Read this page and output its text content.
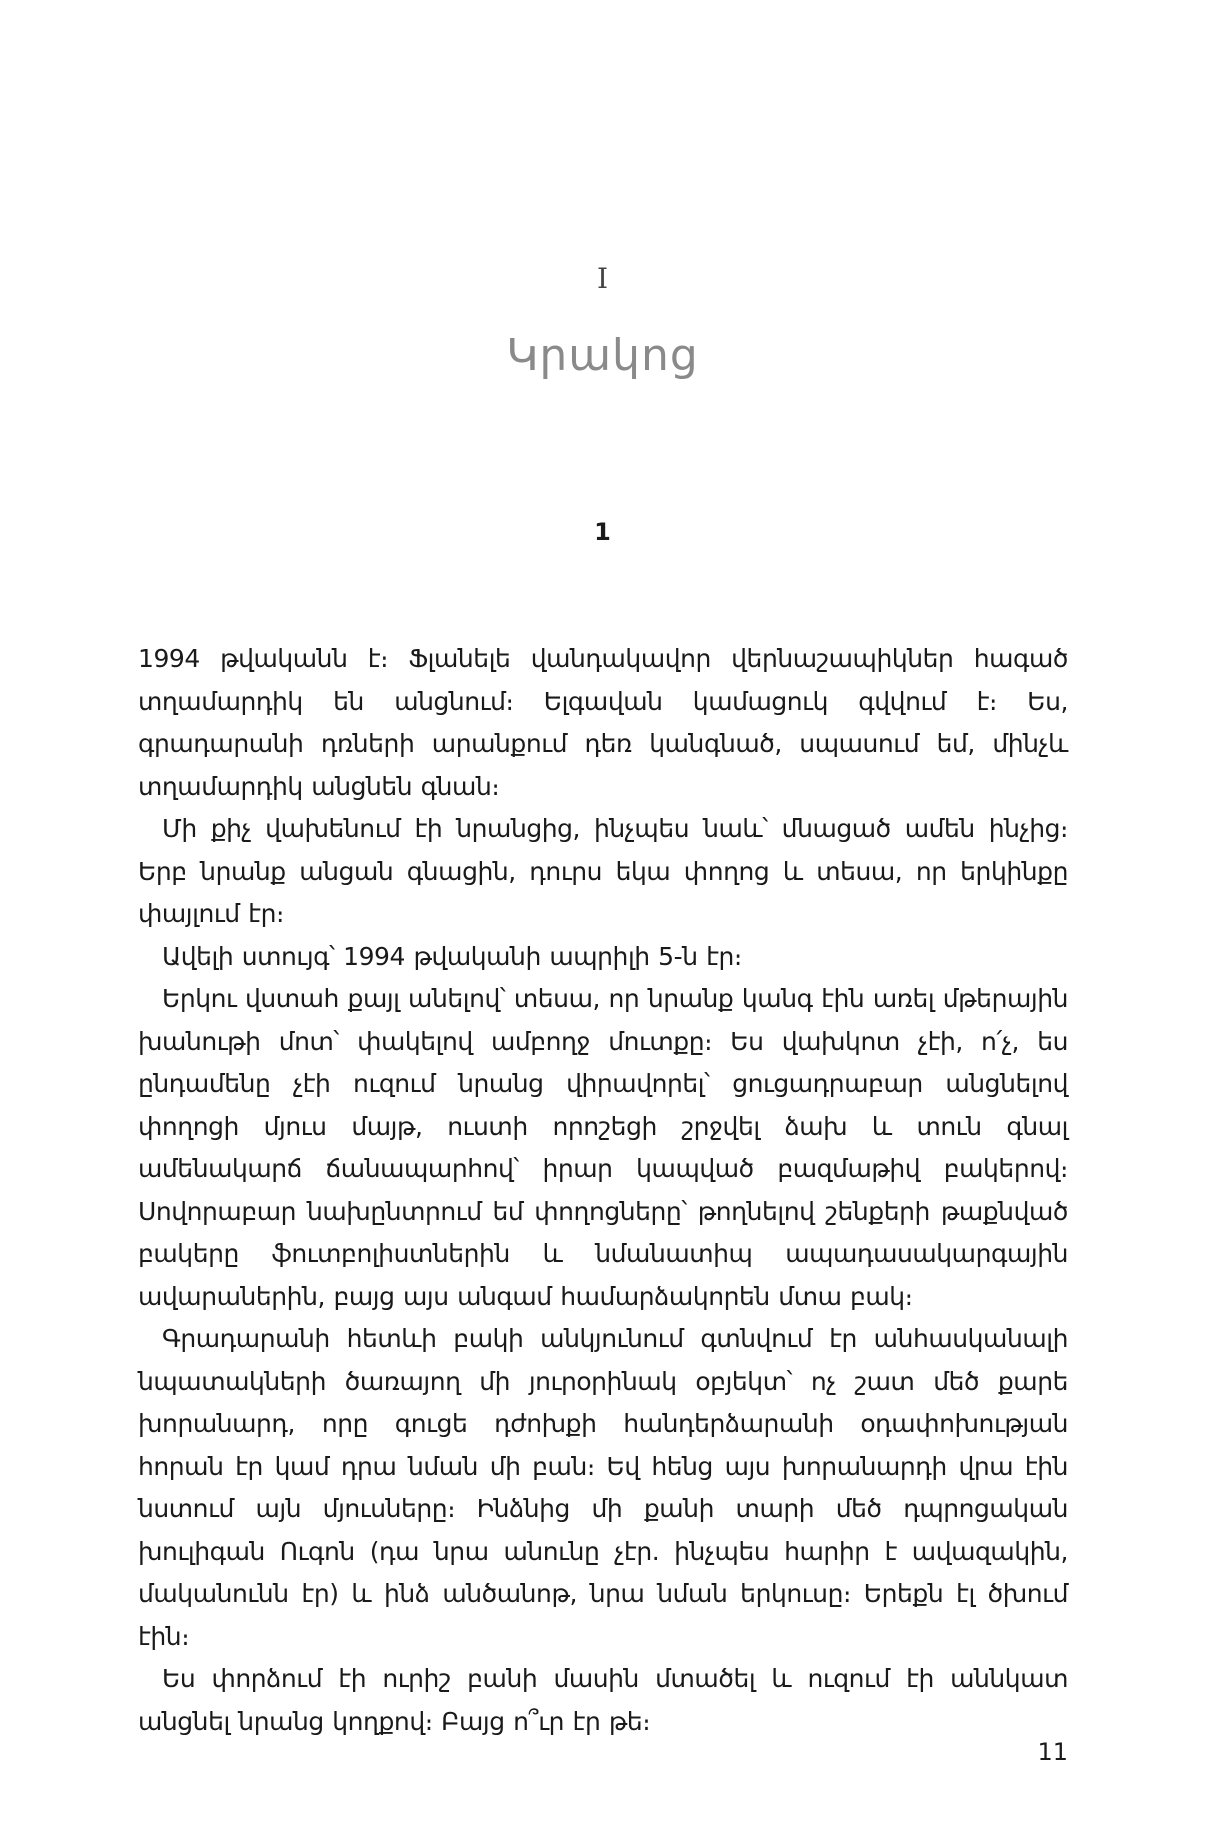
I
Կրակոց
1

1994 թվականն է։ Ֆլանելե վանդակավոր վերնաշապիկներ հագած տղամարդիկ են անցնում։ Ելգավան կամացուկ գվվում է։ Ես, գրադարանի դռների արանքում դեռ կանգնած, սպասում եմ, մինչև տղամարդիկ անցնեն գնան։

Մի քիչ վախենում էի նրանցից, ինչպես նաև՝ մնացած ամեն ինչից։ Երբ նրանք անցան գնացին, դուրս եկա փողոց և տեսա, որ երկինքը փայլում էր։

Ավելի ստույգ՝ 1994 թվականի ապրիլի 5-ն էր։

Երկու վստահ քայլ անելով՝ տեսա, որ նրանք կանգ էին առել մթերային խանութի մոտ՝ փակելով ամբողջ մուտքը։ Ես վախկոտ չէի, ո՛չ, ես ընդամենը չէի ուզում նրանց վիրավորել՝ ցուցադրաբար անցնելով փողոցի մյուս մայթ, ուստի որոշեցի շրջվել ձախ և տուն գնալ ամենակարճ ճանապարհով՝ իրար կապված բազմաթիվ բակերով։ Սովորաբար նախընտրում եմ փողոցները՝ թողնելով շենքերի թաքնված բակերը ֆուտբոլիստներին և նմանատիպ ապադասակարգային ավարաներին, բայց այս անգամ համարձակորեն մտա բակ։

Գրադարանի հետևի բակի անկյունում գտնվում էր անհասկանալի նպատակների ծառայող մի յուրօրինակ օբյեկտ՝ ոչ շատ մեծ քարե խորանարդ, որը գուցե դժոխքի հանդերձարանի օդափոխության հորան էր կամ դրա նման մի բան։ Եվ հենց այս խորանարդի վրա էին նստում այն մյուսները։ Ինձնից մի քանի տարի մեծ դպրոցական խուլիգան Ուգոն (դա նրա անունը չէր. ինչպես հարիր է ավազակին, մականունն էր) և ինձ անծանոթ, նրա նման երկուսը։ Երեքն էլ ծխում էին։

Ես փորձում էի ուրիշ բանի մասին մտածել և ուզում էի աննկատ անցնել նրանց կողքով։ Բայց ո՞ւր էր թե։

11
